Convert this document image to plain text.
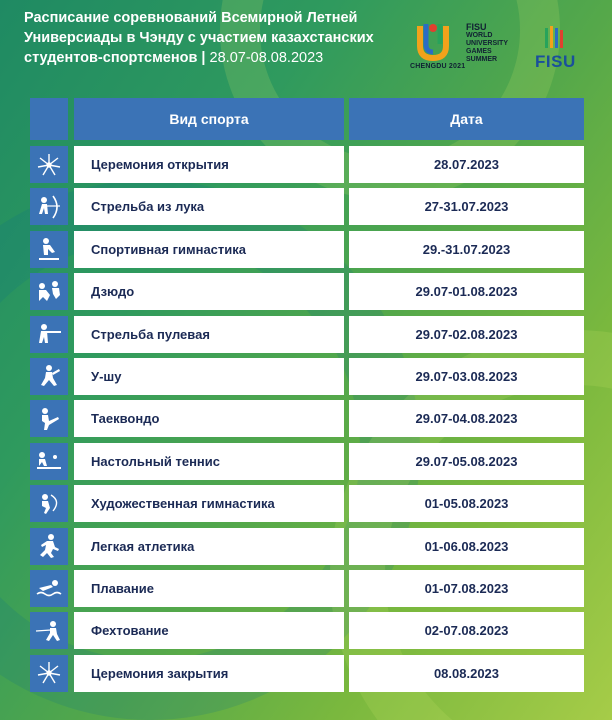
Расписание соревнований Всемирной Летней Универсиады в Чэнду с участием казахстанских студентов-спортсменов | 28.07-08.08.2023
CHENGDU 2021
FISU
WORLD
UNIVERSITY
GAMES
SUMMER	FISU
Вид спорта	Дата
Церемония открытия	28.07.2023
Стрельба из лука	27-31.07.2023
Спортивная гимнастика	29.-31.07.2023
Дзюдо	29.07-01.08.2023
Стрельба пулевая	29.07-02.08.2023
У-шу	29.07-03.08.2023
Таеквондо	29.07-04.08.2023
Настольный теннис	29.07-05.08.2023
Художественная гимнастика	01-05.08.2023
Легкая атлетика	01-06.08.2023
Плавание	01-07.08.2023
Фехтование	02-07.08.2023
Церемония закрытия	08.08.2023
